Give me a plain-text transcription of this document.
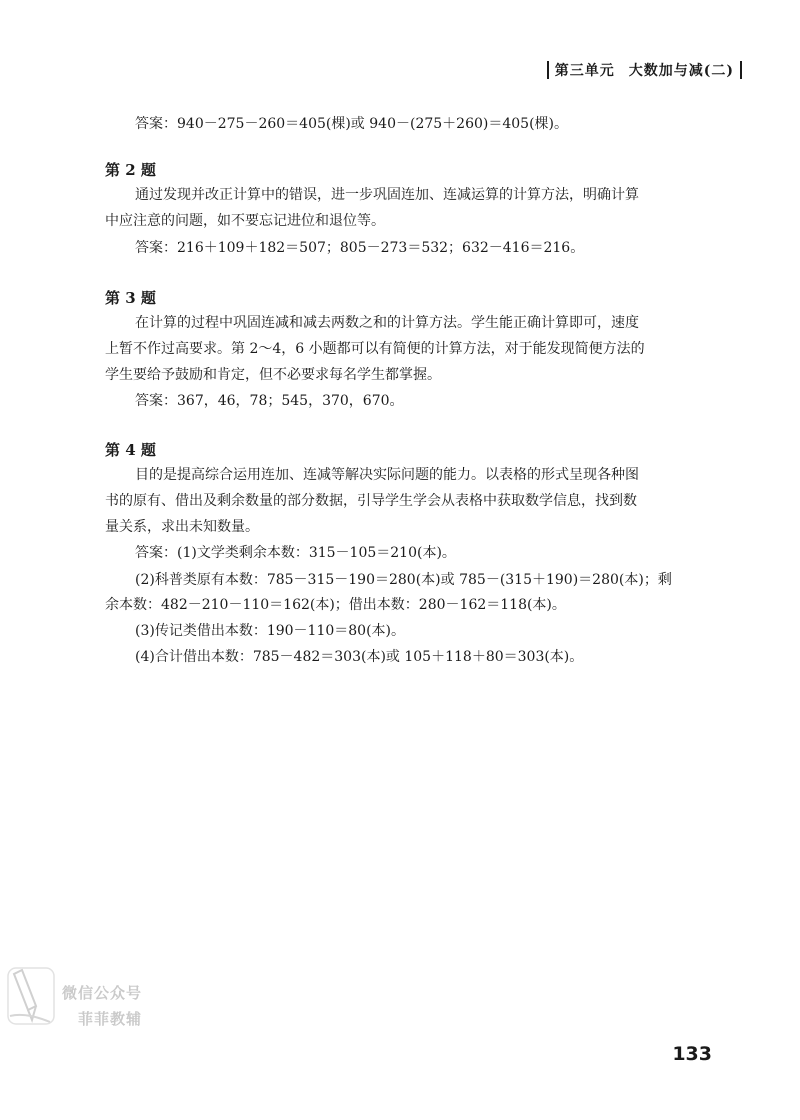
第三单元 大数加与减(二)
答案：940－275－260＝405(棵)或 940－(275＋260)＝405(棵)。
第 2 题
通过发现并改正计算中的错误，进一步巩固连加、连减运算的计算方法，明确计算
中应注意的问题，如不要忘记进位和退位等。
答案：216＋109＋182＝507；805－273＝532；632－416＝216。
第 3 题
在计算的过程中巩固连减和减去两数之和的计算方法。学生能正确计算即可，速度
上暂不作过高要求。第 2～4，6 小题都可以有简便的计算方法，对于能发现简便方法的
学生要给予鼓励和肯定，但不必要求每名学生都掌握。
答案：367，46，78；545，370，670。
第 4 题
目的是提高综合运用连加、连减等解决实际问题的能力。以表格的形式呈现各种图
书的原有、借出及剩余数量的部分数据，引导学生学会从表格中获取数学信息，找到数
量关系，求出未知数量。
答案：(1)文学类剩余本数：315－105＝210(本)。
(2)科普类原有本数：785－315－190＝280(本)或 785－(315＋190)＝280(本)；剩
余本数：482－210－110＝162(本)；借出本数：280－162＝118(本)。
(3)传记类借出本数：190－110＝80(本)。
(4)合计借出本数：785－482＝303(本)或 105＋118＋80＝303(本)。
微信公众号
菲菲教辅
133
